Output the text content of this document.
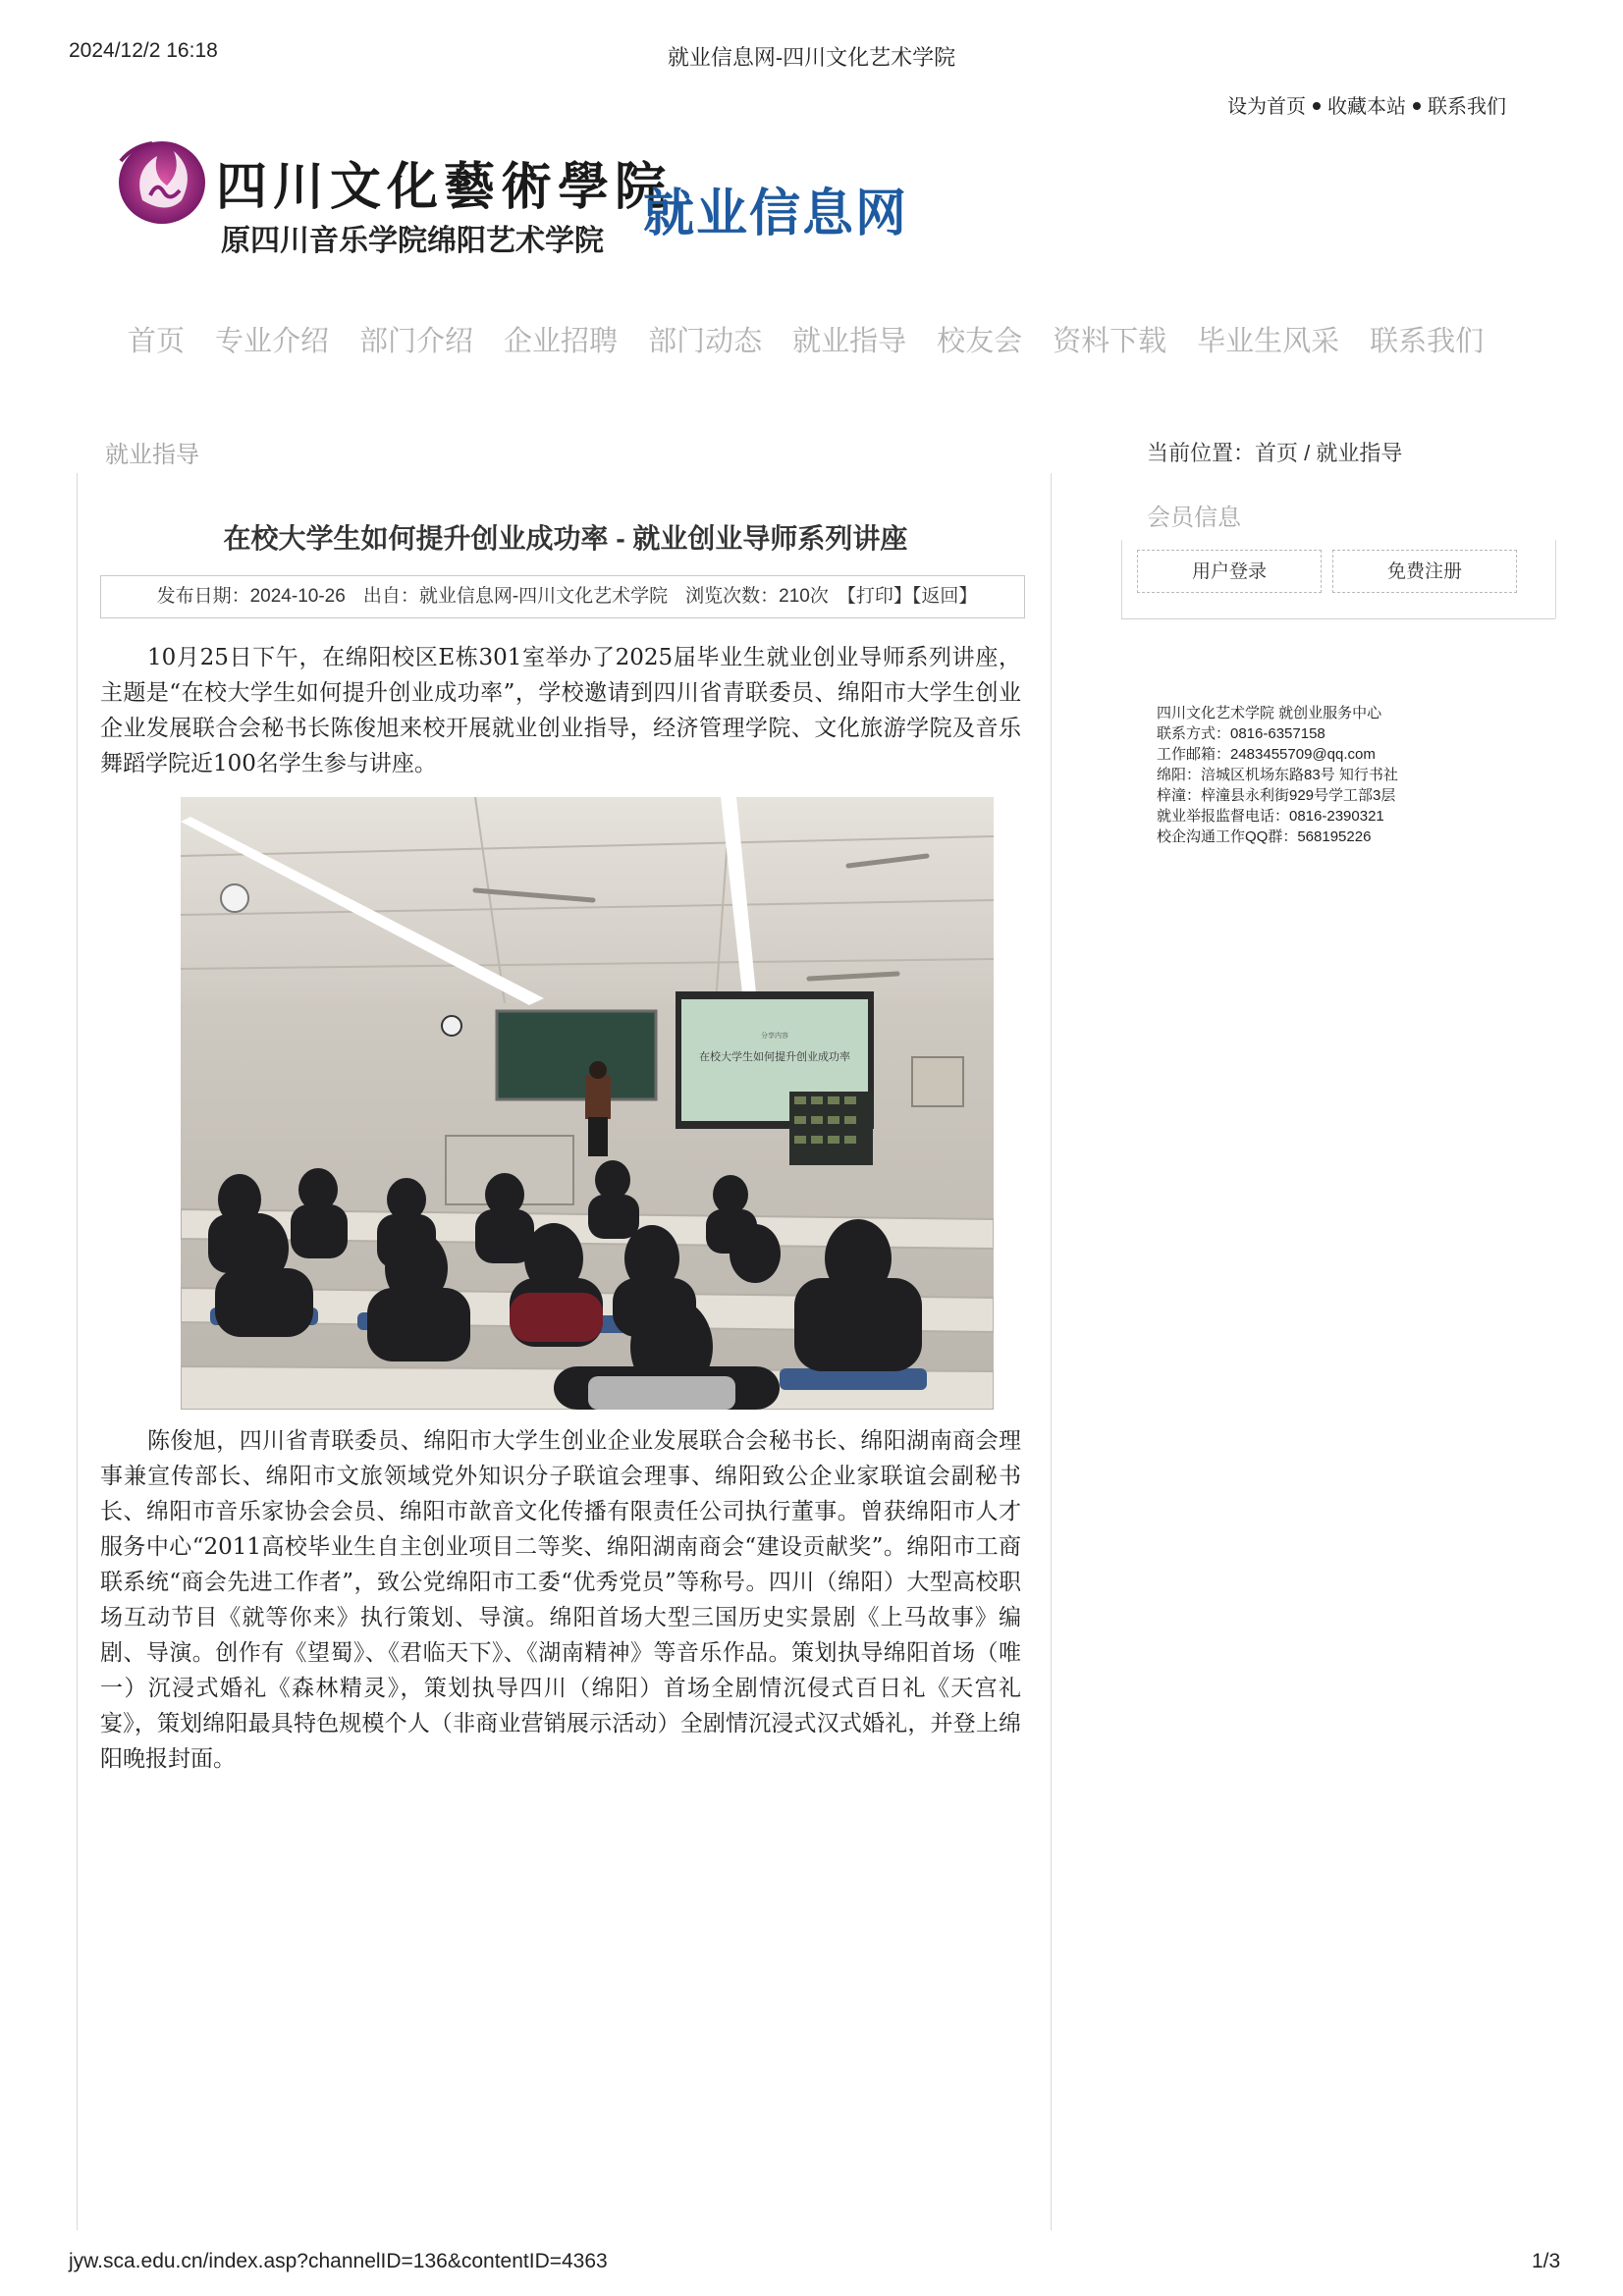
2024/12/2 16:18	就业信息网-四川文化艺术学院
设为首页 收藏本站 联系我们
四川文化藝術學院
原四川音乐学院绵阳艺术学院 就业信息网
首页 专业介绍 部门介绍 企业招聘 部门动态 就业指导 校友会 资料下载 毕业生风采 联系我们
就业指导	当前位置：首页 / 就业指导
会员信息
用户登录	免费注册
四川文化艺术学院 就创业服务中心
联系方式：0816-6357158
工作邮箱：2483455709@qq.com
绵阳：涪城区机场东路83号 知行书社
梓潼：梓潼县永利街929号学工部3层
就业举报监督电话：0816-2390321
校企沟通工作QQ群：568195226
在校大学生如何提升创业成功率 - 就业创业导师系列讲座
发布日期：2024-10-26 出自：就业信息网-四川文化艺术学院 浏览次数：210次 【打印】【返回】

10月25日下午，在绵阳校区E栋301室举办了2025届毕业生就业创业导师系列讲座，主题是“在校大学生如何提升创业成功率”，学校邀请到四川省青联委员、绵阳市大学生创业企业发展联合会秘书长陈俊旭来校开展就业创业指导，经济管理学院、文化旅游学院及音乐舞蹈学院近100名学生参与讲座。

分享内容
在校大学生如何提升创业成功率

陈俊旭，四川省青联委员、绵阳市大学生创业企业发展联合会秘书长、绵阳湖南商会理事兼宣传部长、绵阳市文旅领域党外知识分子联谊会理事、绵阳致公企业家联谊会副秘书长、绵阳市音乐家协会会员、绵阳市歆音文化传播有限责任公司执行董事。曾获绵阳市人才服务中心“2011高校毕业生自主创业项目二等奖、绵阳湖南商会“建设贡献奖”。绵阳市工商联系统“商会先进工作者”，致公党绵阳市工委“优秀党员”等称号。四川（绵阳）大型高校职场互动节目《就等你来》执行策划、导演。绵阳首场大型三国历史实景剧《上马故事》编剧、导演。创作有《望蜀》、《君临天下》、《湖南精神》等音乐作品。策划执导绵阳首场（唯一）沉浸式婚礼《森林精灵》，策划执导四川（绵阳）首场全剧情沉侵式百日礼《天宫礼宴》，策划绵阳最具特色规模个人（非商业营销展示活动）全剧情沉浸式汉式婚礼，并登上绵阳晚报封面。

jyw.sca.edu.cn/index.asp?channelID=136&contentID=4363	1/3
